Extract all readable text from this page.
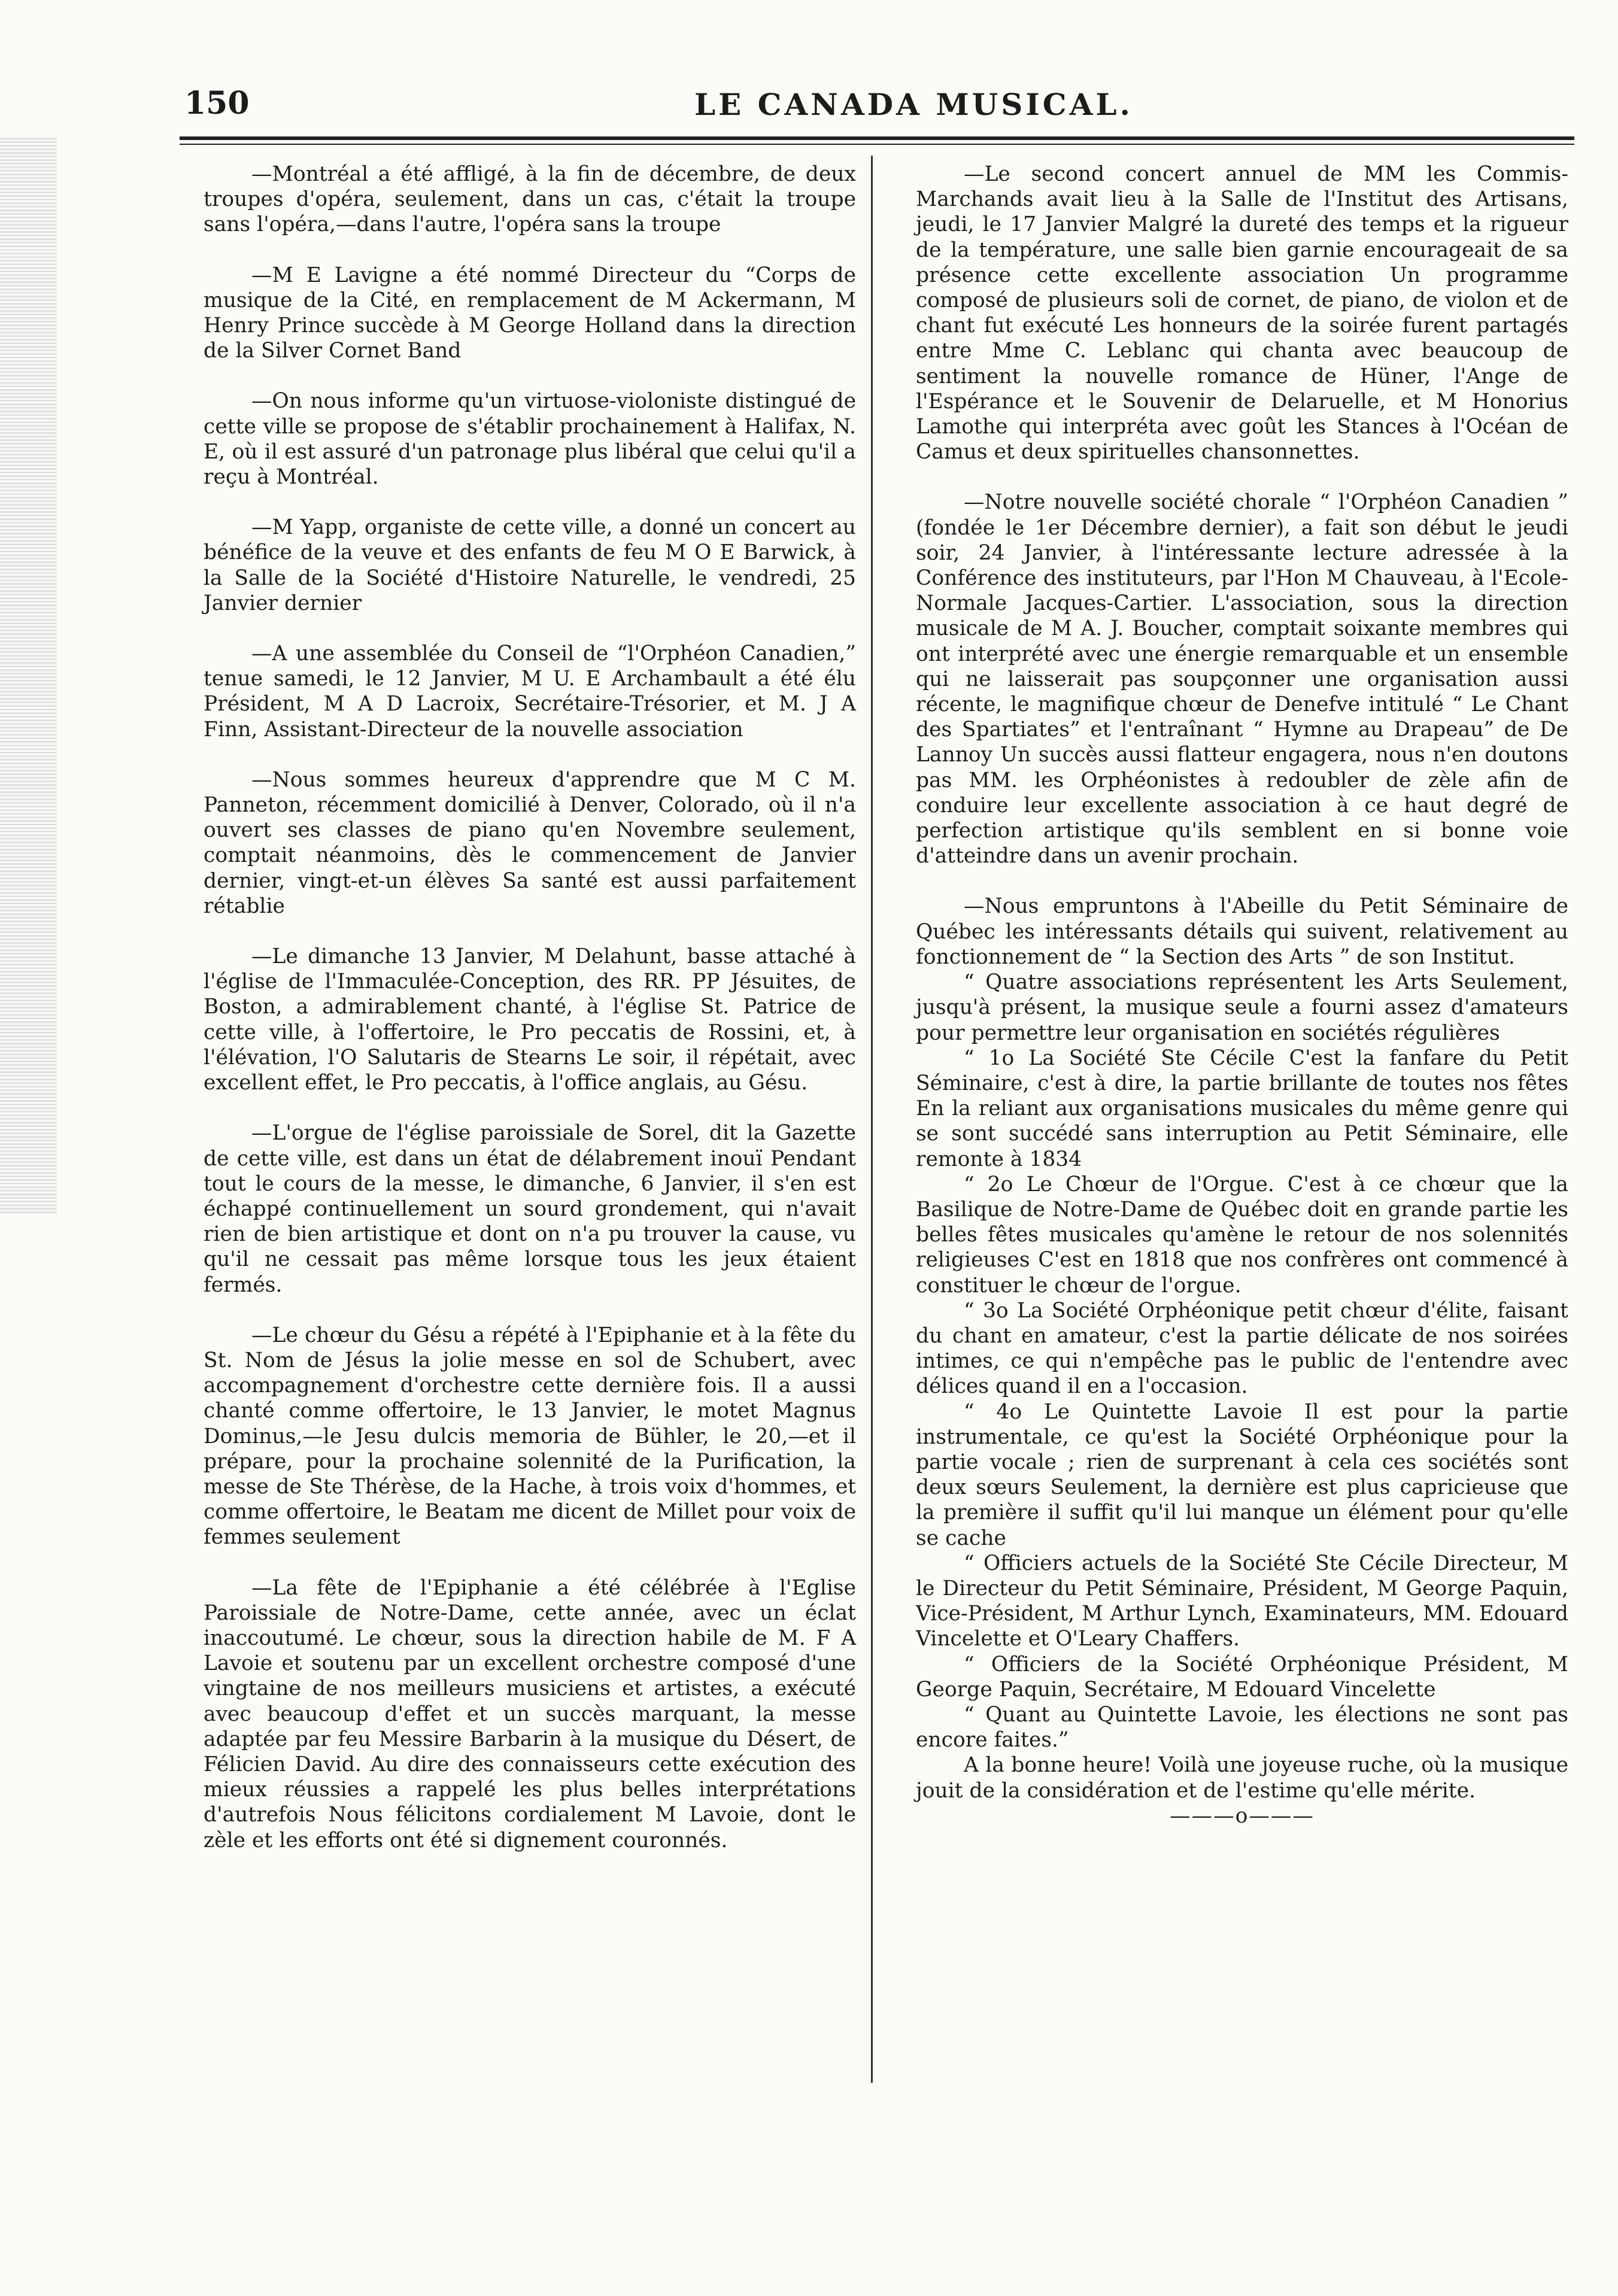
150	LE CANADA MUSICAL.

—Montréal a été affligé, à la fin de décembre, de deux troupes d'opéra, seulement, dans un cas, c'était la troupe sans l'opéra,—dans l'autre, l'opéra sans la troupe

—M E Lavigne a été nommé Directeur du “Corps de musique de la Cité, en remplacement de M Ackermann, M Henry Prince succède à M George Holland dans la direction de la Silver Cornet Band

—On nous informe qu'un virtuose-violoniste distingué de cette ville se propose de s'établir prochainement à Halifax, N. E, où il est assuré d'un patronage plus libéral que celui qu'il a reçu à Montréal.

—M Yapp, organiste de cette ville, a donné un concert au bénéfice de la veuve et des enfants de feu M O E Barwick, à la Salle de la Société d'Histoire Naturelle, le vendredi, 25 Janvier dernier

—A une assemblée du Conseil de “l'Orphéon Canadien,” tenue samedi, le 12 Janvier, M U. E Archambault a été élu Président, M A D Lacroix, Secrétaire-Trésorier, et M. J A Finn, Assistant-Directeur de la nouvelle association

—Nous sommes heureux d'apprendre que M C M. Panneton, récemment domicilié à Denver, Colorado, où il n'a ouvert ses classes de piano qu'en Novembre seulement, comptait néanmoins, dès le commencement de Janvier dernier, vingt-et-un élèves Sa santé est aussi parfaitement rétablie

—Le dimanche 13 Janvier, M Delahunt, basse attaché à l'église de l'Immaculée-Conception, des RR. PP Jésuites, de Boston, a admirablement chanté, à l'église St. Patrice de cette ville, à l'offertoire, le Pro peccatis de Rossini, et, à l'élévation, l'O Salutaris de Stearns Le soir, il répétait, avec excellent effet, le Pro peccatis, à l'office anglais, au Gésu.

—L'orgue de l'église paroissiale de Sorel, dit la Gazette de cette ville, est dans un état de délabrement inouï Pendant tout le cours de la messe, le dimanche, 6 Janvier, il s'en est échappé continuellement un sourd grondement, qui n'avait rien de bien artistique et dont on n'a pu trouver la cause, vu qu'il ne cessait pas même lorsque tous les jeux étaient fermés.

—Le chœur du Gésu a répété à l'Epiphanie et à la fête du St. Nom de Jésus la jolie messe en sol de Schubert, avec accompagnement d'orchestre cette dernière fois. Il a aussi chanté comme offertoire, le 13 Janvier, le motet Magnus Dominus,—le Jesu dulcis memoria de Bühler, le 20,—et il prépare, pour la prochaine solennité de la Purification, la messe de Ste Thérèse, de la Hache, à trois voix d'hommes, et comme offertoire, le Beatam me dicent de Millet pour voix de femmes seulement

—La fête de l'Epiphanie a été célébrée à l'Eglise Paroissiale de Notre-Dame, cette année, avec un éclat inaccoutumé. Le chœur, sous la direction habile de M. F A Lavoie et soutenu par un excellent orchestre composé d'une vingtaine de nos meilleurs musiciens et artistes, a exécuté avec beaucoup d'effet et un succès marquant, la messe adaptée par feu Messire Barbarin à la musique du Désert, de Félicien David. Au dire des connaisseurs cette exécution des mieux réussies a rappelé les plus belles interprétations d'autrefois Nous félicitons cordialement M Lavoie, dont le zèle et les efforts ont été si dignement couronnés.

—Le second concert annuel de MM les Commis-Marchands avait lieu à la Salle de l'Institut des Artisans, jeudi, le 17 Janvier Malgré la dureté des temps et la rigueur de la température, une salle bien garnie encourageait de sa présence cette excellente association Un programme composé de plusieurs soli de cornet, de piano, de violon et de chant fut exécuté Les honneurs de la soirée furent partagés entre Mme C. Leblanc qui chanta avec beaucoup de sentiment la nouvelle romance de Hüner, l'Ange de l'Espérance et le Souvenir de Delaruelle, et M Honorius Lamothe qui interpréta avec goût les Stances à l'Océan de Camus et deux spirituelles chansonnettes.

—Notre nouvelle société chorale “ l'Orphéon Canadien ” (fondée le 1er Décembre dernier), a fait son début le jeudi soir, 24 Janvier, à l'intéressante lecture adressée à la Conférence des instituteurs, par l'Hon M Chauveau, à l'Ecole-Normale Jacques-Cartier. L'association, sous la direction musicale de M A. J. Boucher, comptait soixante membres qui ont interprété avec une énergie remarquable et un ensemble qui ne laisserait pas soupçonner une organisation aussi récente, le magnifique chœur de Denefve intitulé “ Le Chant des Spartiates” et l'entraînant “ Hymne au Drapeau” de De Lannoy Un succès aussi flatteur engagera, nous n'en doutons pas MM. les Orphéonistes à redoubler de zèle afin de conduire leur excellente association à ce haut degré de perfection artistique qu'ils semblent en si bonne voie d'atteindre dans un avenir prochain.

—Nous empruntons à l'Abeille du Petit Séminaire de Québec les intéressants détails qui suivent, relativement au fonctionnement de “ la Section des Arts ” de son Institut.

“ Quatre associations représentent les Arts Seulement, jusqu'à présent, la musique seule a fourni assez d'amateurs pour permettre leur organisation en sociétés régulières

“ 1o La Société Ste Cécile C'est la fanfare du Petit Séminaire, c'est à dire, la partie brillante de toutes nos fêtes En la reliant aux organisations musicales du même genre qui se sont succédé sans interruption au Petit Séminaire, elle remonte à 1834

“ 2o Le Chœur de l'Orgue. C'est à ce chœur que la Basilique de Notre-Dame de Québec doit en grande partie les belles fêtes musicales qu'amène le retour de nos solennités religieuses C'est en 1818 que nos confrères ont commencé à constituer le chœur de l'orgue.

“ 3o La Société Orphéonique petit chœur d'élite, faisant du chant en amateur, c'est la partie délicate de nos soirées intimes, ce qui n'empêche pas le public de l'entendre avec délices quand il en a l'occasion.

“ 4o Le Quintette Lavoie Il est pour la partie instrumentale, ce qu'est la Société Orphéonique pour la partie vocale ; rien de surprenant à cela ces sociétés sont deux sœurs Seulement, la dernière est plus capricieuse que la première il suffit qu'il lui manque un élément pour qu'elle se cache

“ Officiers actuels de la Société Ste Cécile Directeur, M le Directeur du Petit Séminaire, Président, M George Paquin, Vice-Président, M Arthur Lynch, Examinateurs, MM. Edouard Vincelette et O'Leary Chaffers.

“ Officiers de la Société Orphéonique Président, M George Paquin, Secrétaire, M Edouard Vincelette

“ Quant au Quintette Lavoie, les élections ne sont pas encore faites.”

A la bonne heure! Voilà une joyeuse ruche, où la musique jouit de la considération et de l'estime qu'elle mérite.

———o———
